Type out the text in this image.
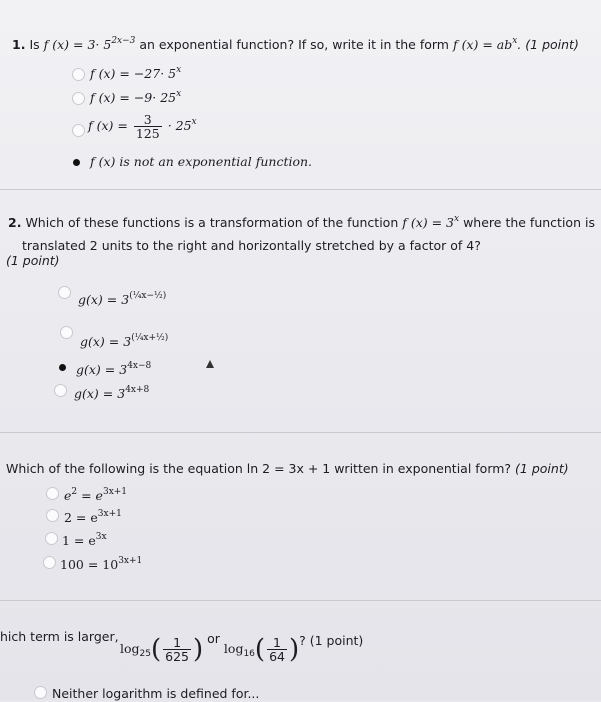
1. Is f $(x) = 3\cdot 5^{2x-3}$ an exponential function? If so, write it in the form f $(x) = ab^x$. (1 point)
f $(x) = -27\cdot 5^x$
f $(x) = -9\cdot 25^x$
f $(x) = \frac{3}{125} \cdot 25^x$
f (x) is not an exponential function.
2. Which of these functions is a transformation of the function f $(x) = 3^x$ where the function is
translated 2 units to the right and horizontally stretched by a factor of 4?
(1 point)
$g(x) = 3^{(\frac{1}{4}x-\frac{1}{2})}$
$g(x) = 3^{(\frac{1}{4}x+\frac{1}{2})}$
$g(x) = 3^{4x-8}$
$g(x) = 3^{4x+8}$
Which of the following is the equation ln 2 = 3x + 1 written in exponential form? (1 point)
$e^2 = e^{3x+1}$
$2 = e^{3x+1}$
$1 = e^{3x}$
$100 = 10^{3x+1}$
hich term is larger,
$\log_{25}( \frac{1}{625}$ ) or $\log_{16}( \frac{1}{64}$ )? (1 point)
Neither logarithm is defined for...
